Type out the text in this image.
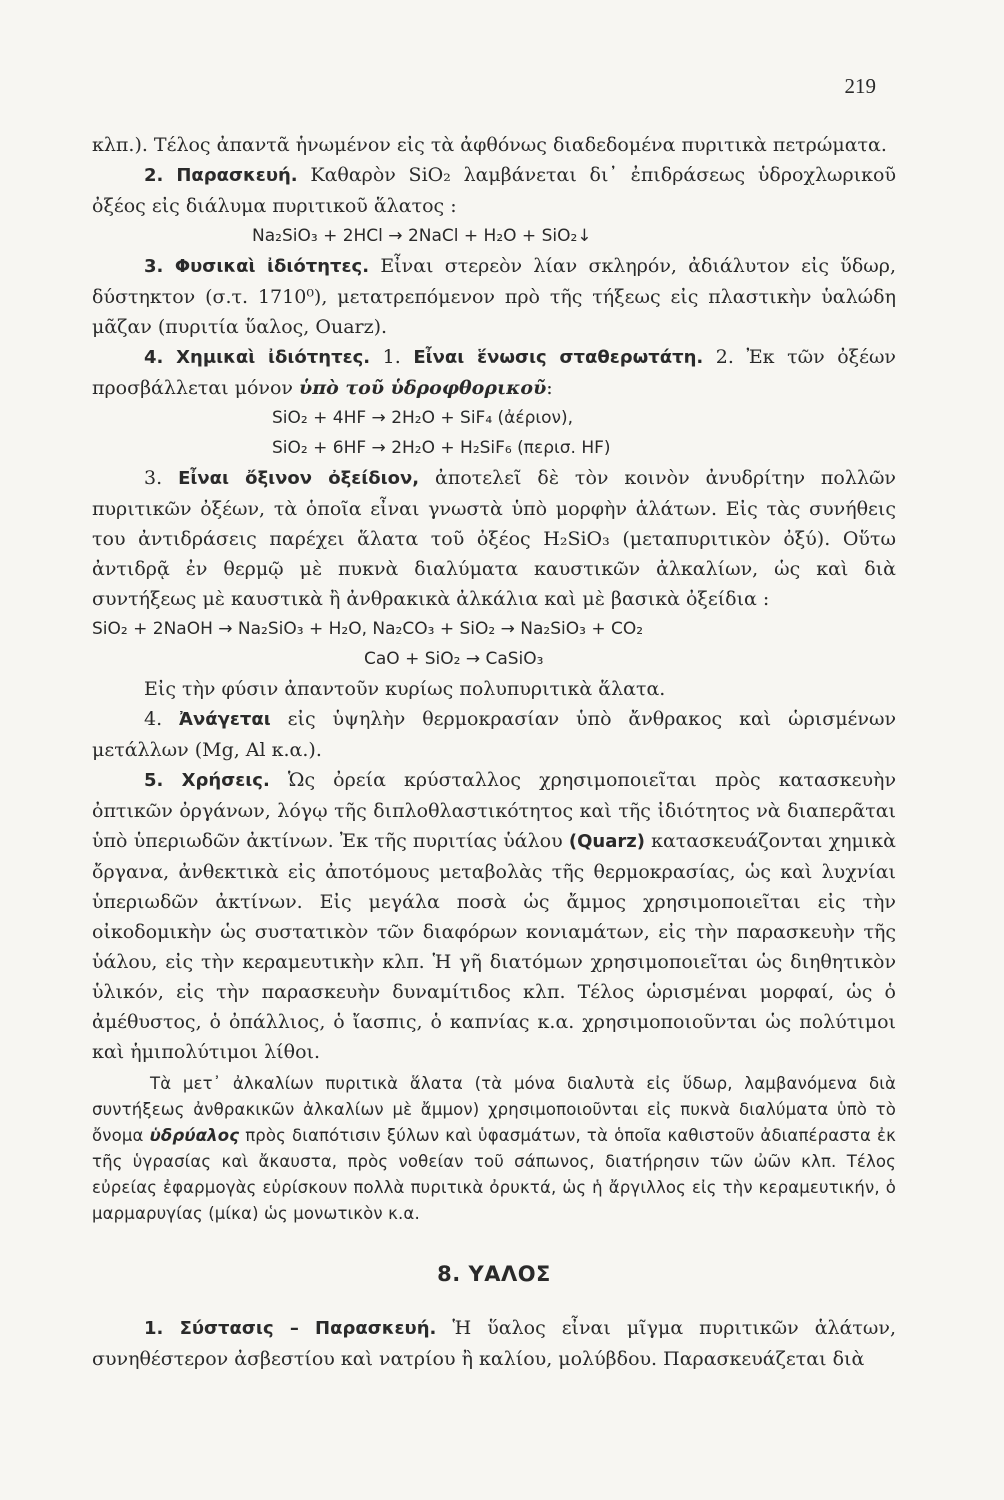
219

κλπ.). Τέλος ἀπαντᾶ ἡνωμένον εἰς τὰ ἀφθόνως διαδεδομένα πυριτικὰ πετρώματα.

2. Παρασκευή. Καθαρὸν SiO₂ λαμβάνεται δι᾽ ἐπιδράσεως ὑδροχλωρικοῦ ὀξέος εἰς διάλυμα πυριτικοῦ ἅλατος :

Na₂SiO₃ + 2HCl → 2NaCl + H₂O + SiO₂↓

3. Φυσικαὶ ἰδιότητες. Εἶναι στερεὸν λίαν σκληρόν, ἀδιάλυτον εἰς ὕδωρ, δύστηκτον (σ.τ. 1710⁰), μετατρεπόμενον πρὸ τῆς τήξεως εἰς πλαστικὴν ὑαλώδη μᾶζαν (πυριτία ὕαλος, Ouarz).

4. Χημικαὶ ἰδιότητες. 1. Εἶναι ἕνωσις σταθερωτάτη. 2. Ἐκ τῶν ὀξέων προσβάλλεται μόνον ὑπὸ τοῦ ὑδροφθορικοῦ:

SiO₂ + 4HF → 2H₂O + SiF₄ (ἀέριον),

SiO₂ + 6HF → 2H₂O + H₂SiF₆ (περισ. HF)

3. Εἶναι ὄξινον ὀξείδιον, ἀποτελεῖ δὲ τὸν κοινὸν ἀνυδρίτην πολλῶν πυριτικῶν ὀξέων, τὰ ὁποῖα εἶναι γνωστὰ ὑπὸ μορφὴν ἁλάτων. Εἰς τὰς συνήθεις του ἀντιδράσεις παρέχει ἅλατα τοῦ ὀξέος H₂SiO₃ (μεταπυριτικὸν ὀξύ). Οὕτω ἀντιδρᾷ ἐν θερμῷ μὲ πυκνὰ διαλύματα καυστικῶν ἀλκαλίων, ὡς καὶ διὰ συντήξεως μὲ καυστικὰ ἢ ἀνθρακικὰ ἀλκάλια καὶ μὲ βασικὰ ὀξείδια :

SiO₂ + 2NaOH → Na₂SiO₃ + H₂O, Na₂CO₃ + SiO₂ → Na₂SiO₃ + CO₂

CaO + SiO₂ → CaSiO₃

Εἰς τὴν φύσιν ἀπαντοῦν κυρίως πολυπυριτικὰ ἅλατα.

4. Ἀνάγεται εἰς ὑψηλὴν θερμοκρασίαν ὑπὸ ἄνθρακος καὶ ὡρισμένων μετάλλων (Mg, Al κ.α.).

5. Χρήσεις. Ὡς ὀρεία κρύσταλλος χρησιμοποιεῖται πρὸς κατασκευὴν ὀπτικῶν ὀργάνων, λόγῳ τῆς διπλοθλαστικότητος καὶ τῆς ἰδιότητος νὰ διαπερᾶται ὑπὸ ὑπεριωδῶν ἀκτίνων. Ἐκ τῆς πυριτίας ὑάλου (Quarz) κατασκευάζονται χημικὰ ὄργανα, ἀνθεκτικὰ εἰς ἀποτόμους μεταβολὰς τῆς θερμοκρασίας, ὡς καὶ λυχνίαι ὑπεριωδῶν ἀκτίνων. Εἰς μεγάλα ποσὰ ὡς ἄμμος χρησιμοποιεῖται εἰς τὴν οἰκοδομικὴν ὡς συστατικὸν τῶν διαφόρων κονιαμάτων, εἰς τὴν παρασκευὴν τῆς ὑάλου, εἰς τὴν κεραμευτικὴν κλπ. Ἡ γῆ διατόμων χρησιμοποιεῖται ὡς διηθητικὸν ὑλικόν, εἰς τὴν παρασκευὴν δυναμίτιδος κλπ. Τέλος ὡρισμέναι μορφαί, ὡς ὁ ἀμέθυστος, ὁ ὀπάλλιος, ὁ ἴασπις, ὁ καπνίας κ.α. χρησιμοποιοῦνται ὡς πολύτιμοι καὶ ἡμιπολύτιμοι λίθοι.

Τὰ μετ᾽ ἀλκαλίων πυριτικὰ ἅλατα (τὰ μόνα διαλυτὰ εἰς ὕδωρ, λαμβανόμενα διὰ συντήξεως ἀνθρακικῶν ἀλκαλίων μὲ ἄμμον) χρησιμοποιοῦνται εἰς πυκνὰ διαλύματα ὑπὸ τὸ ὄνομα ὑδρύαλος πρὸς διαπότισιν ξύλων καὶ ὑφασμάτων, τὰ ὁποῖα καθιστοῦν ἀδιαπέραστα ἐκ τῆς ὑγρασίας καὶ ἄκαυστα, πρὸς νοθείαν τοῦ σάπωνος, διατήρησιν τῶν ὠῶν κλπ. Τέλος εὐρείας ἐφαρμογὰς εὑρίσκουν πολλὰ πυριτικὰ ὀρυκτά, ὡς ἡ ἄργιλλος εἰς τὴν κεραμευτικήν, ὁ μαρμαρυγίας (μίκα) ὡς μονωτικὸν κ.α.

8. ΥΑΛΟΣ

1. Σύστασις – Παρασκευή. Ἡ ὕαλος εἶναι μῖγμα πυριτικῶν ἁλάτων, συνηθέστερον ἀσβεστίου καὶ νατρίου ἢ καλίου, μολύβδου. Παρασκευάζεται διὰ
